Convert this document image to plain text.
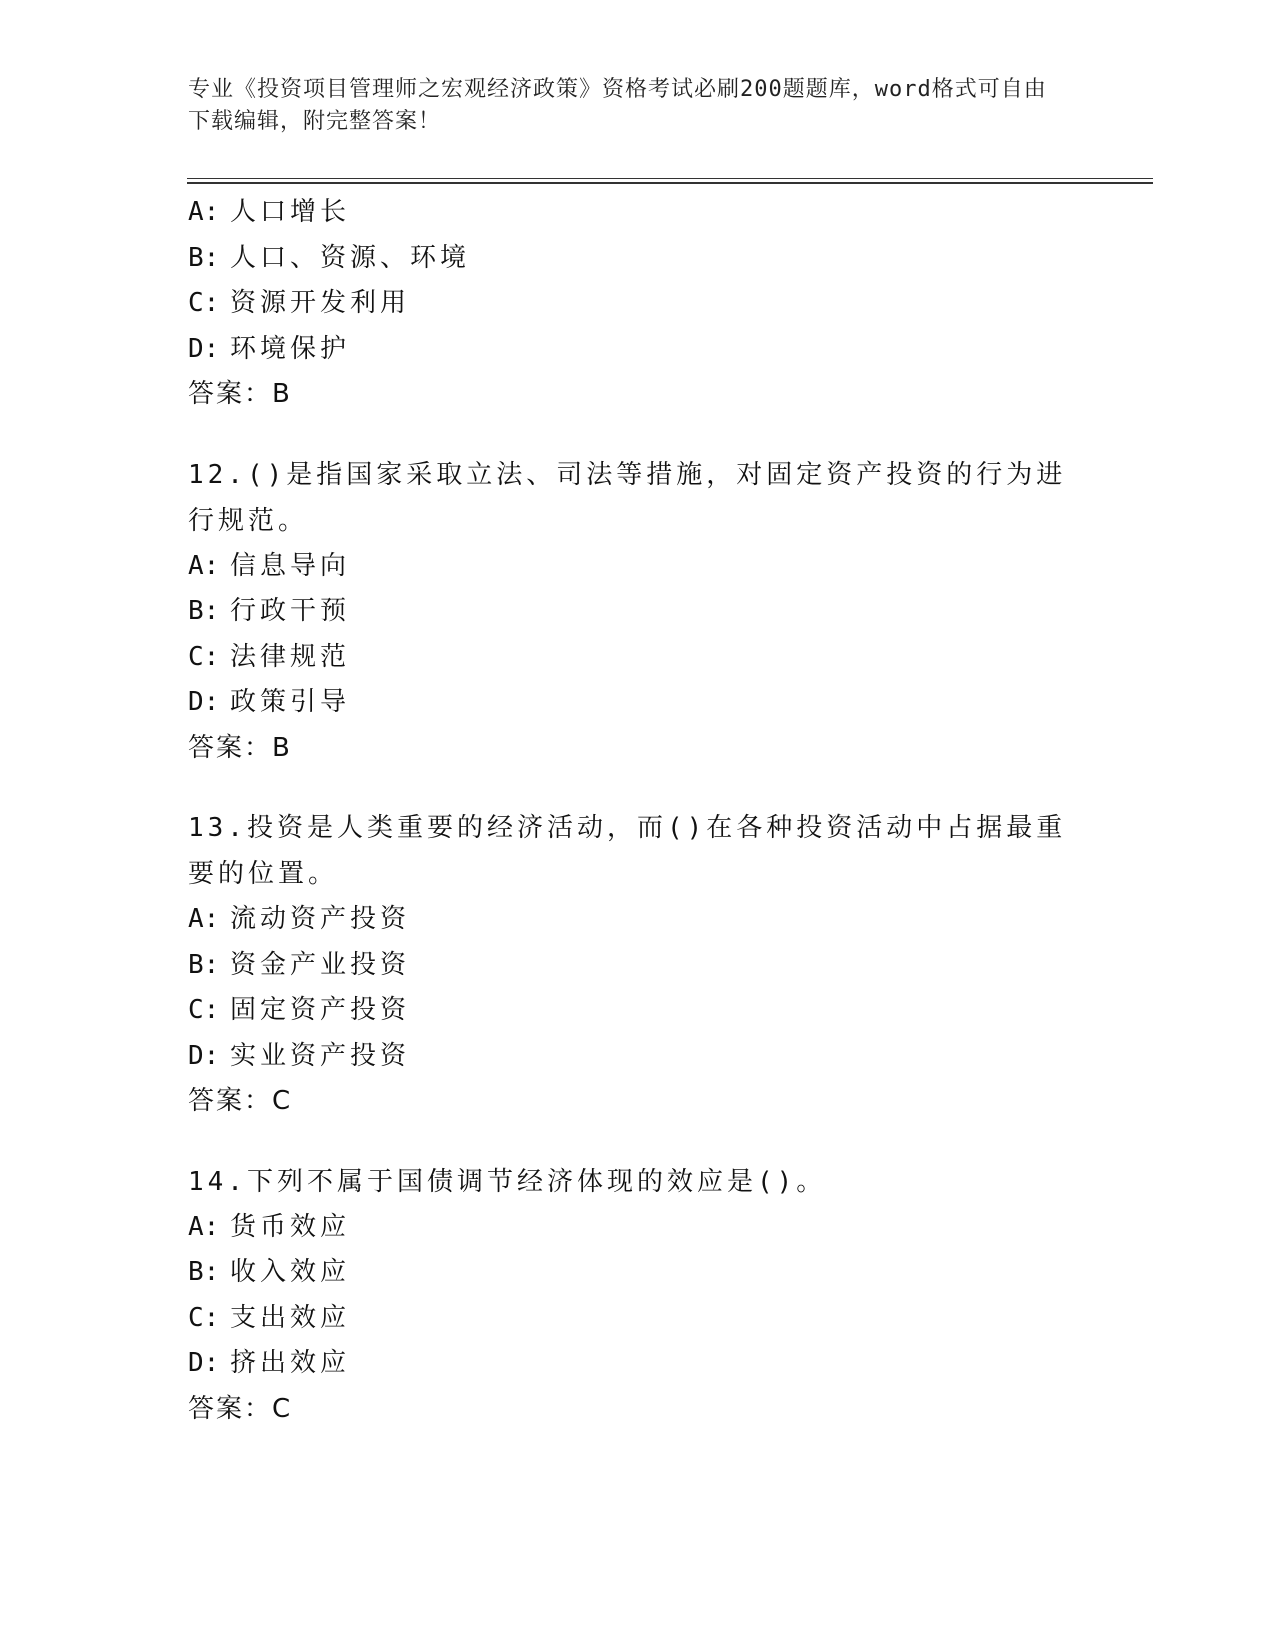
专业《投资项目管理师之宏观经济政策》资格考试必刷200题题库，word格式可自由下载编辑，附完整答案！
A: 人口增长
B: 人口、资源、环境
C: 资源开发利用
D: 环境保护
答案：B
12.()是指国家采取立法、司法等措施，对固定资产投资的行为进行规范。
A: 信息导向
B: 行政干预
C: 法律规范
D: 政策引导
答案：B
13.投资是人类重要的经济活动，而()在各种投资活动中占据最重要的位置。
A: 流动资产投资
B: 资金产业投资
C: 固定资产投资
D: 实业资产投资
答案：C
14.下列不属于国债调节经济体现的效应是()。
A: 货币效应
B: 收入效应
C: 支出效应
D: 挤出效应
答案：C
